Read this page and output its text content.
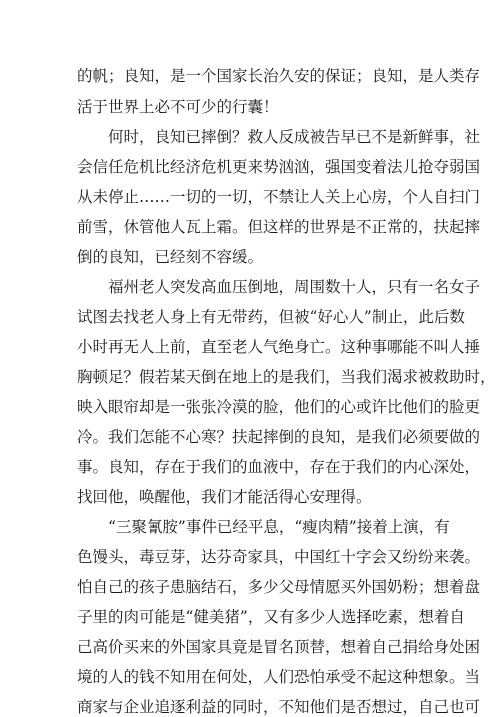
的帆；良知，是一个国家长治久安的保证；良知，是人类存
活于世界上必不可少的行囊！
何时，良知已摔倒？救人反成被告早已不是新鲜事，社
会信任危机比经济危机更来势汹汹，强国变着法儿抢夺弱国
从未停止……一切的一切，不禁让人关上心房，个人自扫门
前雪，休管他人瓦上霜。但这样的世界是不正常的，扶起摔
倒的良知，已经刻不容缓。
福州老人突发高血压倒地，周围数十人，只有一名女子
试图去找老人身上有无带药，但被“好心人”制止，此后数
小时再无人上前，直至老人气绝身亡。这种事哪能不叫人捶
胸顿足？假若某天倒在地上的是我们，当我们渴求被救助时，
映入眼帘却是一张张冷漠的脸，他们的心或许比他们的脸更
冷。我们怎能不心寒？扶起摔倒的良知，是我们必须要做的
事。良知，存在于我们的血液中，存在于我们的内心深处，
找回他，唤醒他，我们才能活得心安理得。
“三聚氰胺”事件已经平息，“瘦肉精”接着上演，有
色馒头，毒豆芽，达芬奇家具，中国红十字会又纷纷来袭。
怕自己的孩子患脑结石，多少父母情愿买外国奶粉；想着盘
子里的肉可能是“健美猪”，又有多少人选择吃素，想着自
己高价买来的外国家具竟是冒名顶替，想着自己捐给身处困
境的人的钱不知用在何处，人们恐怕承受不起这种想象。当
商家与企业追逐利益的同时，不知他们是否想过，自己也可
